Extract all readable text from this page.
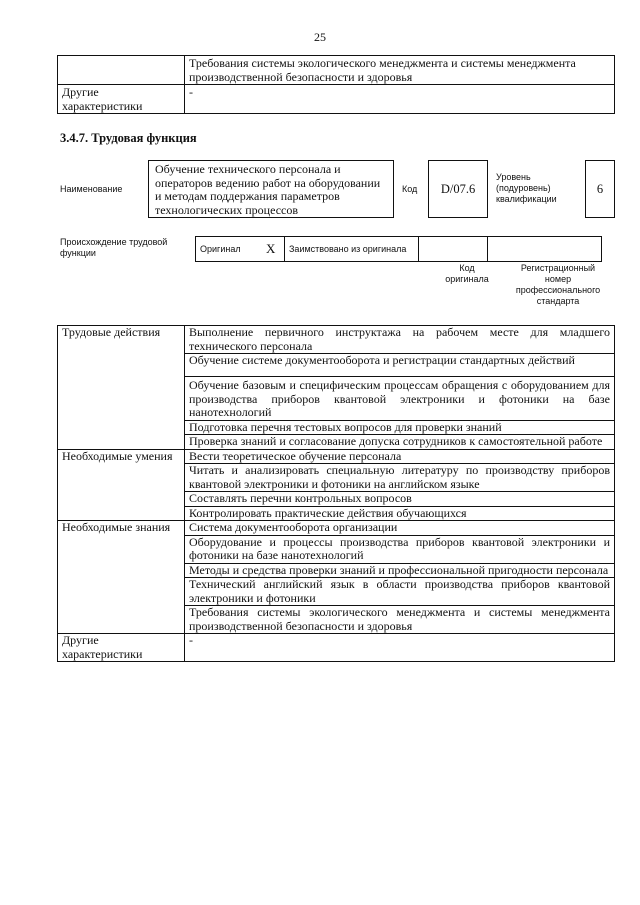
25
	Требования системы экологического менеджмента и системы менеджмента производственной безопасности и здоровья
Другие характеристики	-
3.4.7. Трудовая функция
Наименование
Обучение технического персонала и операторов ведению работ на оборудовании и методам поддержания параметров технологических процессов
Код	D/07.6
Уровень (подуровень) квалификации
6
Происхождение трудовой функции	Оригинал	X	Заимствовано из оригинала		
Код оригинала
Регистрационный номер профессионального стандарта
Трудовые действия	Выполнение первичного инструктажа на рабочем месте для младшего технического персонала
	Обучение системе документооборота и регистрации стандартных действий
	Обучение базовым и специфическим процессам обращения с оборудованием для производства приборов квантовой электроники и фотоники на базе нанотехнологий
	Подготовка перечня тестовых вопросов для проверки знаний
	Проверка знаний и согласование допуска сотрудников к самостоятельной работе
Необходимые умения	Вести теоретическое обучение персонала
	Читать и анализировать специальную литературу по производству приборов квантовой электроники и фотоники на английском языке
	Составлять перечни контрольных вопросов
	Контролировать практические действия обучающихся
Необходимые знания	Система документооборота организации
	Оборудование и процессы производства приборов квантовой электроники и фотоники на базе нанотехнологий
	Методы и средства проверки знаний и профессиональной пригодности персонала
	Технический английский язык в области производства приборов квантовой электроники и фотоники
	Требования системы экологического менеджмента и системы менеджмента производственной безопасности и здоровья
Другие характеристики	-
